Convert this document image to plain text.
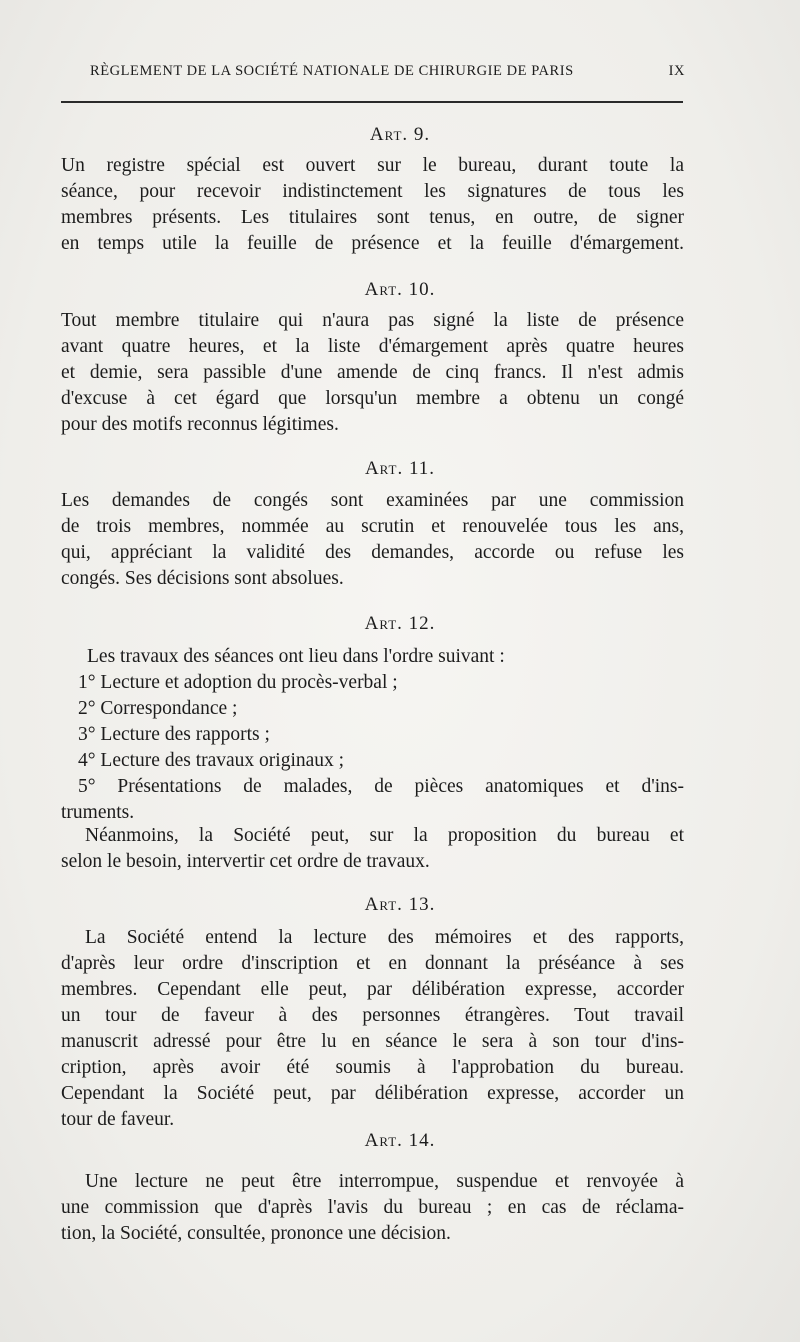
RÈGLEMENT DE LA SOCIÉTÉ NATIONALE DE CHIRURGIE DE PARIS	IX
Art. 9.
Un registre spécial est ouvert sur le bureau, durant toute la
séance, pour recevoir indistinctement les signatures de tous les
membres présents. Les titulaires sont tenus, en outre, de signer
en temps utile la feuille de présence et la feuille d'émargement.
Art. 10.
Tout membre titulaire qui n'aura pas signé la liste de présence
avant quatre heures, et la liste d'émargement après quatre heures
et demie, sera passible d'une amende de cinq francs. Il n'est admis
d'excuse à cet égard que lorsqu'un membre a obtenu un congé
pour des motifs reconnus légitimes.
Art. 11.
Les demandes de congés sont examinées par une commission
de trois membres, nommée au scrutin et renouvelée tous les ans,
qui, appréciant la validité des demandes, accorde ou refuse les
congés. Ses décisions sont absolues.
Art. 12.
Les travaux des séances ont lieu dans l'ordre suivant :
1° Lecture et adoption du procès-verbal ;
2° Correspondance ;
3° Lecture des rapports ;
4° Lecture des travaux originaux ;
5° Présentations de malades, de pièces anatomiques et d'ins-
truments.
Néanmoins, la Société peut, sur la proposition du bureau et
selon le besoin, intervertir cet ordre de travaux.
Art. 13.
La Société entend la lecture des mémoires et des rapports,
d'après leur ordre d'inscription et en donnant la préséance à ses
membres. Cependant elle peut, par délibération expresse, accorder
un tour de faveur à des personnes étrangères. Tout travail
manuscrit adressé pour être lu en séance le sera à son tour d'ins-
cription, après avoir été soumis à l'approbation du bureau.
Cependant la Société peut, par délibération expresse, accorder un
tour de faveur.
Art. 14.
Une lecture ne peut être interrompue, suspendue et renvoyée à
une commission que d'après l'avis du bureau ; en cas de réclama-
tion, la Société, consultée, prononce une décision.
